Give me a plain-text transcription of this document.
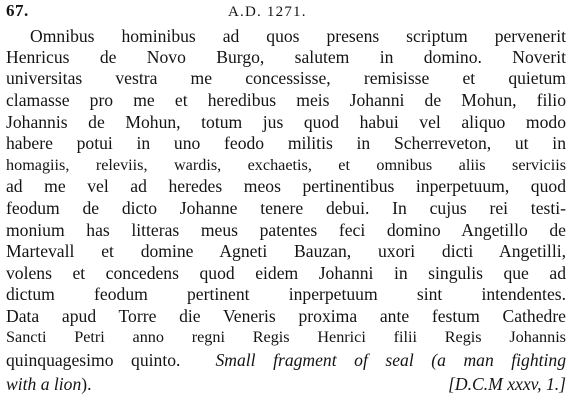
67.	A.D. 1271.
Omnibus hominibus ad quos presens scriptum pervenerit
Henricus de Novo Burgo, salutem in domino. Noverit
universitas vestra me concessisse, remisisse et quietum
clamasse pro me et heredibus meis Johanni de Mohun, filio
Johannis de Mohun, totum jus quod habui vel aliquo modo
habere potui in uno feodo militis in Scherreveton, ut in
homagiis, releviis, wardis, exchaetis, et omnibus aliis serviciis
ad me vel ad heredes meos pertinentibus inperpetuum, quod
feodum de dicto Johanne tenere debui. In cujus rei testi-
monium has litteras meus patentes feci domino Angetillo de
Martevall et domine Agneti Bauzan, uxori dicti Angetilli,
volens et concedens quod eidem Johanni in singulis que ad
dictum feodum pertinent inperpetuum sint intendentes.
Data apud Torre die Veneris proxima ante festum Cathedre
Sancti Petri anno regni Regis Henrici filii Regis Johannis
quinquagesimo quinto. Small fragment of seal (a man fighting
with a lion).	[D.C.M xxxv, 1.]
